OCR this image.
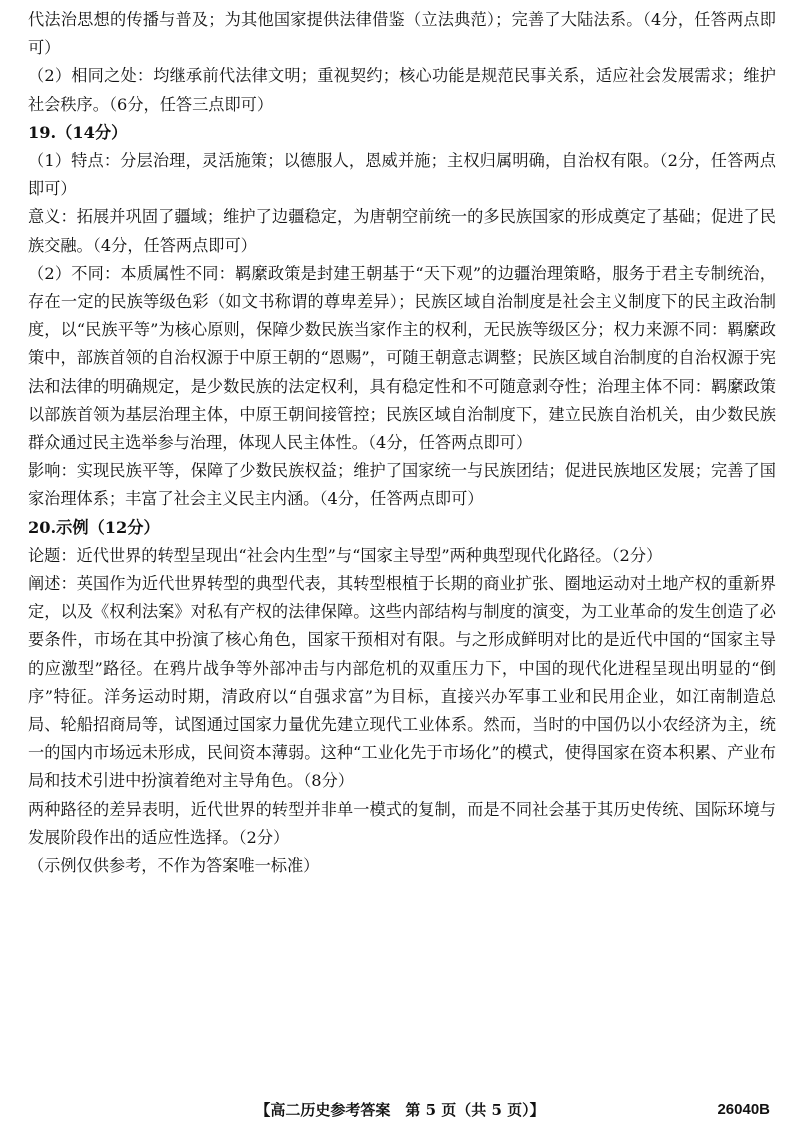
代法治思想的传播与普及；为其他国家提供法律借鉴（立法典范）；完善了大陆法系。（4分，任答两点即可）

（2）相同之处：均继承前代法律文明；重视契约；核心功能是规范民事关系，适应社会发展需求；维护社会秩序。（6分，任答三点即可）

19.（14分）

（1）特点：分层治理，灵活施策；以德服人，恩威并施；主权归属明确，自治权有限。（2分，任答两点即可）

意义：拓展并巩固了疆域；维护了边疆稳定，为唐朝空前统一的多民族国家的形成奠定了基础；促进了民族交融。（4分，任答两点即可）

（2）不同：本质属性不同：羁縻政策是封建王朝基于“天下观”的边疆治理策略，服务于君主专制统治，存在一定的民族等级色彩（如文书称谓的尊卑差异）；民族区域自治制度是社会主义制度下的民主政治制度，以“民族平等”为核心原则，保障少数民族当家作主的权利，无民族等级区分；权力来源不同：羁縻政策中，部族首领的自治权源于中原王朝的“恩赐”，可随王朝意志调整；民族区域自治制度的自治权源于宪法和法律的明确规定，是少数民族的法定权利，具有稳定性和不可随意剥夺性；治理主体不同：羁縻政策以部族首领为基层治理主体，中原王朝间接管控；民族区域自治制度下，建立民族自治机关，由少数民族群众通过民主选举参与治理，体现人民主体性。（4分，任答两点即可）

影响：实现民族平等，保障了少数民族权益；维护了国家统一与民族团结；促进民族地区发展；完善了国家治理体系；丰富了社会主义民主内涵。（4分，任答两点即可）

20.示例（12分）

论题：近代世界的转型呈现出“社会内生型”与“国家主导型”两种典型现代化路径。（2分）

阐述：英国作为近代世界转型的典型代表，其转型根植于长期的商业扩张、圈地运动对土地产权的重新界定，以及《权利法案》对私有产权的法律保障。这些内部结构与制度的演变，为工业革命的发生创造了必要条件，市场在其中扮演了核心角色，国家干预相对有限。与之形成鲜明对比的是近代中国的“国家主导的应激型”路径。在鸦片战争等外部冲击与内部危机的双重压力下，中国的现代化进程呈现出明显的“倒序”特征。洋务运动时期，清政府以“自强求富”为目标，直接兴办军事工业和民用企业，如江南制造总局、轮船招商局等，试图通过国家力量优先建立现代工业体系。然而，当时的中国仍以小农经济为主，统一的国内市场远未形成，民间资本薄弱。这种“工业化先于市场化”的模式，使得国家在资本积累、产业布局和技术引进中扮演着绝对主导角色。（8分）

两种路径的差异表明，近代世界的转型并非单一模式的复制，而是不同社会基于其历史传统、国际环境与发展阶段作出的适应性选择。（2分）

（示例仅供参考，不作为答案唯一标准）

【高二历史参考答案　第 5 页（共 5 页）】	26040B
